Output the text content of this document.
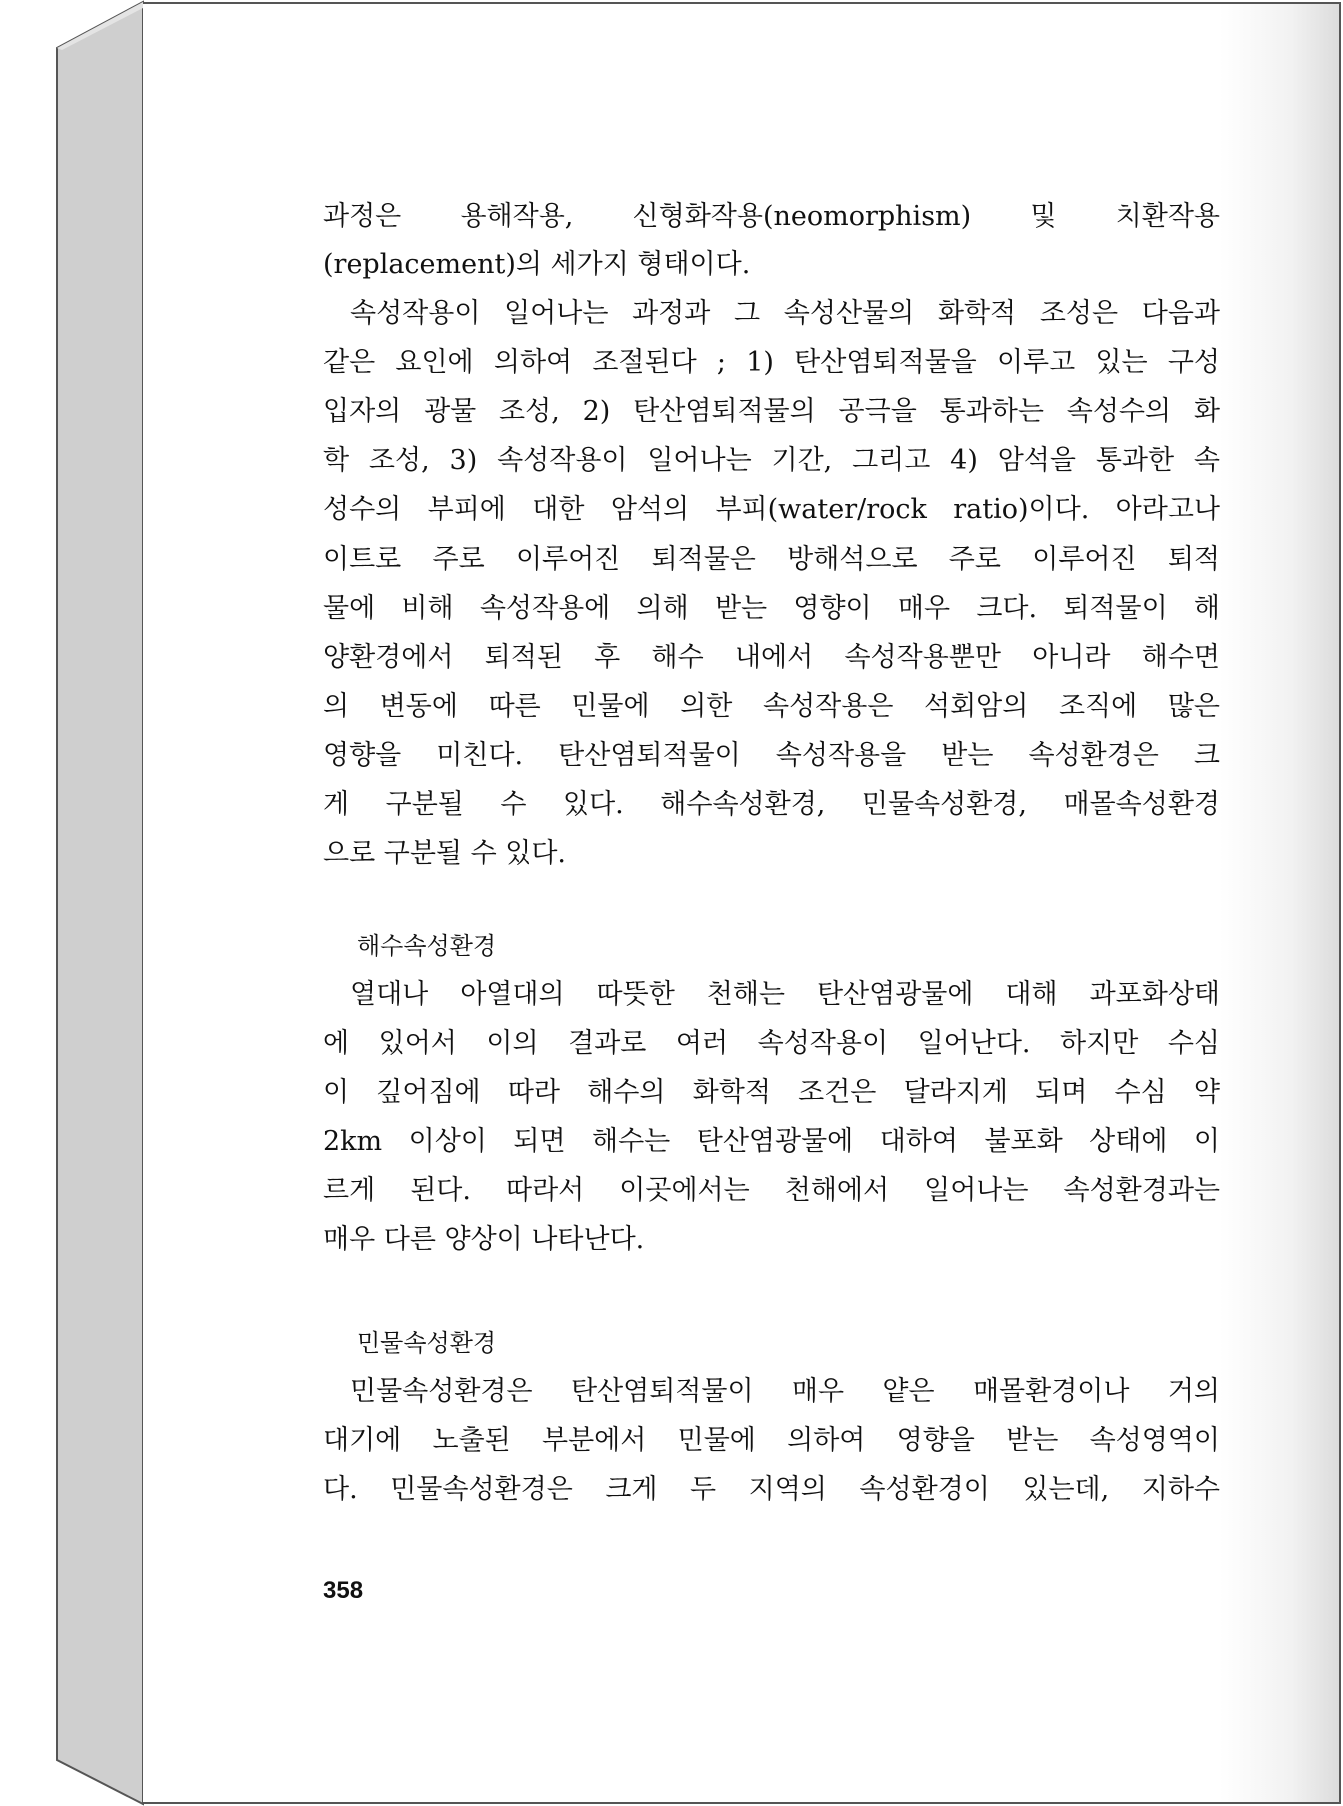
과정은 용해작용, 신형화작용(neomorphism) 및 치환작용
(replacement)의 세가지 형태이다.
속성작용이 일어나는 과정과 그 속성산물의 화학적 조성은 다음과
같은 요인에 의하여 조절된다 ; 1) 탄산염퇴적물을 이루고 있는 구성
입자의 광물 조성, 2) 탄산염퇴적물의 공극을 통과하는 속성수의 화
학 조성, 3) 속성작용이 일어나는 기간, 그리고 4) 암석을 통과한 속
성수의 부피에 대한 암석의 부피(water/rock ratio)이다. 아라고나
이트로 주로 이루어진 퇴적물은 방해석으로 주로 이루어진 퇴적
물에 비해 속성작용에 의해 받는 영향이 매우 크다. 퇴적물이 해
양환경에서 퇴적된 후 해수 내에서 속성작용뿐만 아니라 해수면
의 변동에 따른 민물에 의한 속성작용은 석회암의 조직에 많은
영향을 미친다. 탄산염퇴적물이 속성작용을 받는 속성환경은 크
게 구분될 수 있다. 해수속성환경, 민물속성환경, 매몰속성환경
으로 구분될 수 있다.
해수속성환경
열대나 아열대의 따뜻한 천해는 탄산염광물에 대해 과포화상태
에 있어서 이의 결과로 여러 속성작용이 일어난다. 하지만 수심
이 깊어짐에 따라 해수의 화학적 조건은 달라지게 되며 수심 약
2km 이상이 되면 해수는 탄산염광물에 대하여 불포화 상태에 이
르게 된다. 따라서 이곳에서는 천해에서 일어나는 속성환경과는
매우 다른 양상이 나타난다.
민물속성환경
민물속성환경은 탄산염퇴적물이 매우 얕은 매몰환경이나 거의
대기에 노출된 부분에서 민물에 의하여 영향을 받는 속성영역이
다. 민물속성환경은 크게 두 지역의 속성환경이 있는데, 지하수
358
